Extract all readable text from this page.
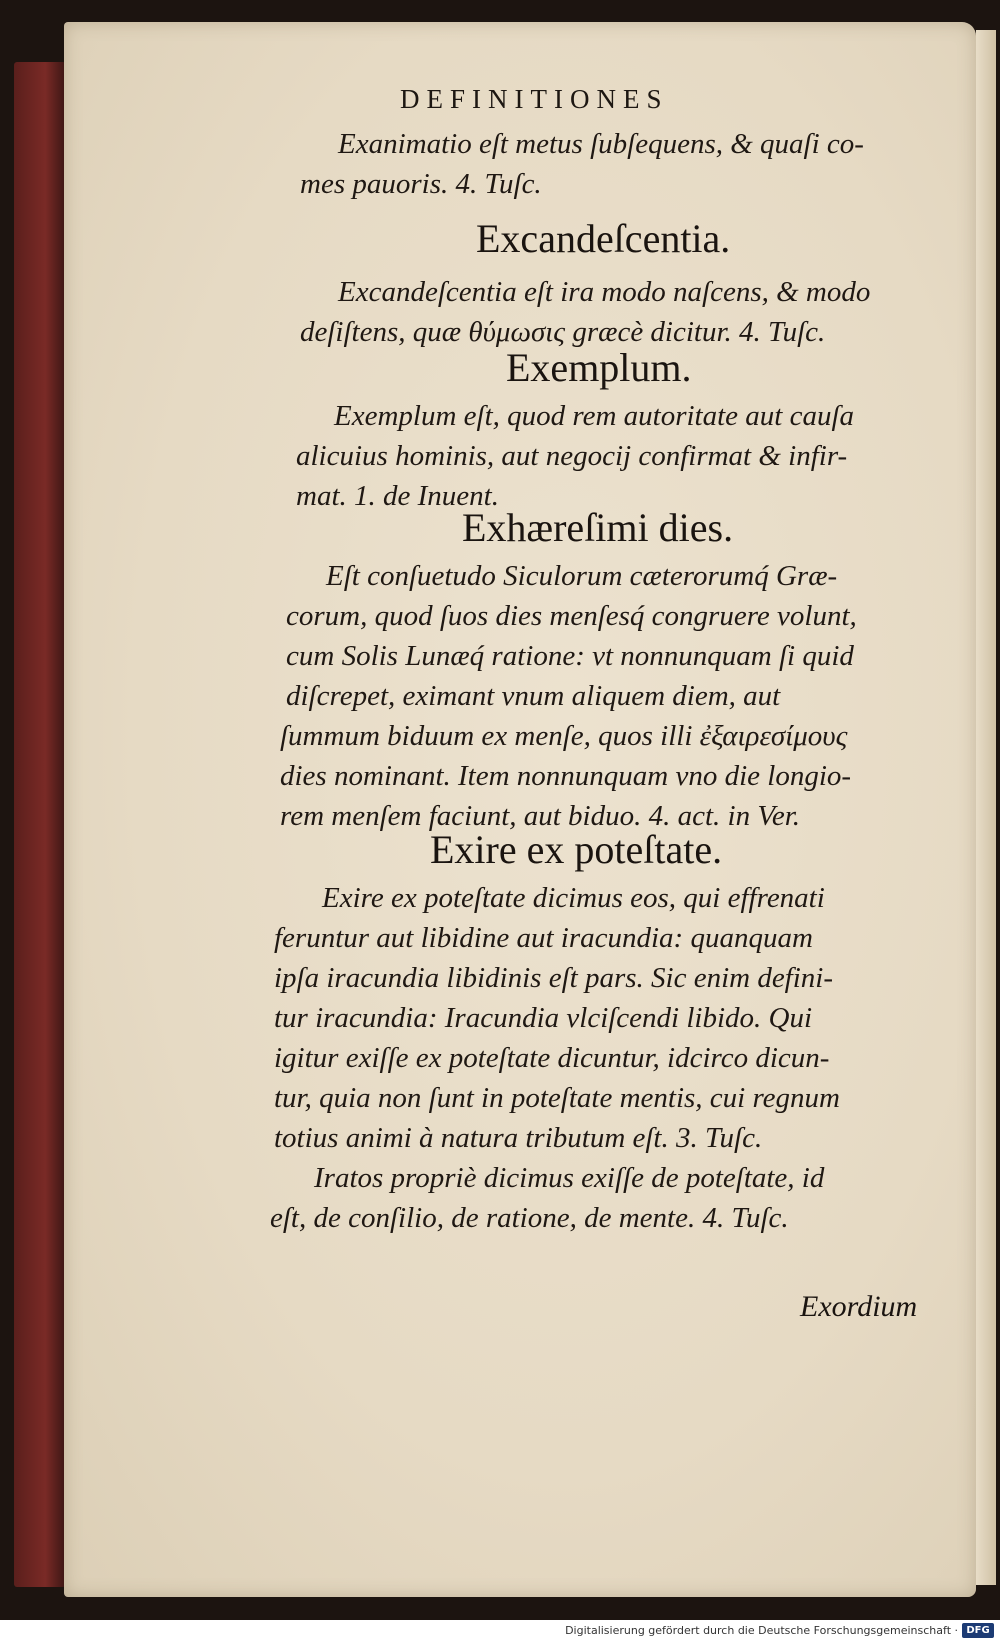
DEFINITIONES
Exanimatio eſt metus ſubſequens, & quaſi co-
mes pauoris. 4. Tuſc.
Excandeſcentia.
Excandeſcentia eſt ira modo naſcens, & modo
deſiſtens, quæ θύμωσις græcè dicitur. 4. Tuſc.
Exemplum.
Exemplum eſt, quod rem autoritate aut cauſa
alicuius hominis, aut negocij confirmat & infir-
mat. 1. de Inuent.
Exhæreſimi dies.
Eſt conſuetudo Siculorum cæterorumq́ Græ-
corum, quod ſuos dies menſesq́ congruere volunt,
cum Solis Lunæq́ ratione: vt nonnunquam ſi quid
diſcrepet, eximant vnum aliquem diem, aut
ſummum biduum ex menſe, quos illi ἐξαιρεσίμους
dies nominant. Item nonnunquam vno die longio-
rem menſem faciunt, aut biduo. 4. act. in Ver.
Exire ex poteſtate.
Exire ex poteſtate dicimus eos, qui effrenati
feruntur aut libidine aut iracundia: quanquam
ipſa iracundia libidinis eſt pars. Sic enim defini-
tur iracundia: Iracundia vlciſcendi libido. Qui
igitur exiſſe ex poteſtate dicuntur, idcirco dicun-
tur, quia non ſunt in poteſtate mentis, cui regnum
totius animi à natura tributum eſt. 3. Tuſc.
Iratos propriè dicimus exiſſe de poteſtate, id
eſt, de conſilio, de ratione, de mente. 4. Tuſc.
Exordium
Digitalisierung gefördert durch die Deutsche Forschungsgemeinschaft · DFG
